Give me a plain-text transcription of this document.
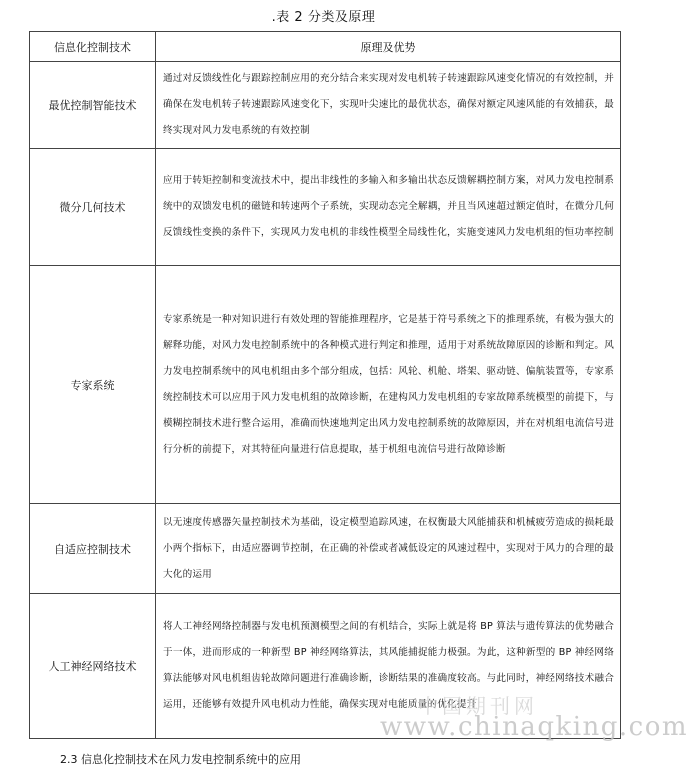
.表 2 分类及原理
信息化控制技术	原理及优势
最优控制智能技术	通过对反馈线性化与跟踪控制应用的充分结合来实现对发电机转子转速跟踪风速变化情况的有效控制，并确保在发电机转子转速跟踪风速变化下，实现叶尖速比的最优状态，确保对额定风速风能的有效捕获，最终实现对风力发电系统的有效控制
微分几何技术	应用于转矩控制和变流技术中，提出非线性的多输入和多输出状态反馈解耦控制方案，对风力发电控制系统中的双馈发电机的磁链和转速两个子系统，实现动态完全解耦，并且当风速超过额定值时，在微分几何反馈线性变换的条件下，实现风力发电机的非线性模型全局线性化，实施变速风力发电机组的恒功率控制
专家系统	专家系统是一种对知识进行有效处理的智能推理程序，它是基于符号系统之下的推理系统，有极为强大的解释功能，对风力发电控制系统中的各种模式进行判定和推理，适用于对系统故障原因的诊断和判定。风力发电控制系统中的风电机组由多个部分组成，包括：风轮、机舱、塔架、驱动链、偏航装置等，专家系统控制技术可以应用于风力发电机组的故障诊断，在建构风力发电机组的专家故障系统模型的前提下，与模糊控制技术进行整合运用，准确而快速地判定出风力发电控制系统的故障原因，并在对机组电流信号进行分析的前提下，对其特征向量进行信息提取，基于机组电流信号进行故障诊断
自适应控制技术	以无速度传感器矢量控制技术为基础，设定模型追踪风速，在权衡最大风能捕获和机械疲劳造成的损耗最小两个指标下，由适应器调节控制，在正确的补偿或者减低设定的风速过程中，实现对于风力的合理的最大化的运用
人工神经网络技术	将人工神经网络控制器与发电机预测模型之间的有机结合，实际上就是将 BP 算法与遗传算法的优势融合于一体，进而形成的一种新型 BP 神经网络算法，其风能捕捉能力极强。为此，这种新型的 BP 神经网络算法能够对风电机组齿轮故障问题进行准确诊断，诊断结果的准确度较高。与此同时，神经网络技术融合运用，还能够有效提升风电机动力性能，确保实现对电能质量的优化提升
2.3 信息化控制技术在风力发电控制系统中的应用
中国期刊网
www.chinaqking.com
